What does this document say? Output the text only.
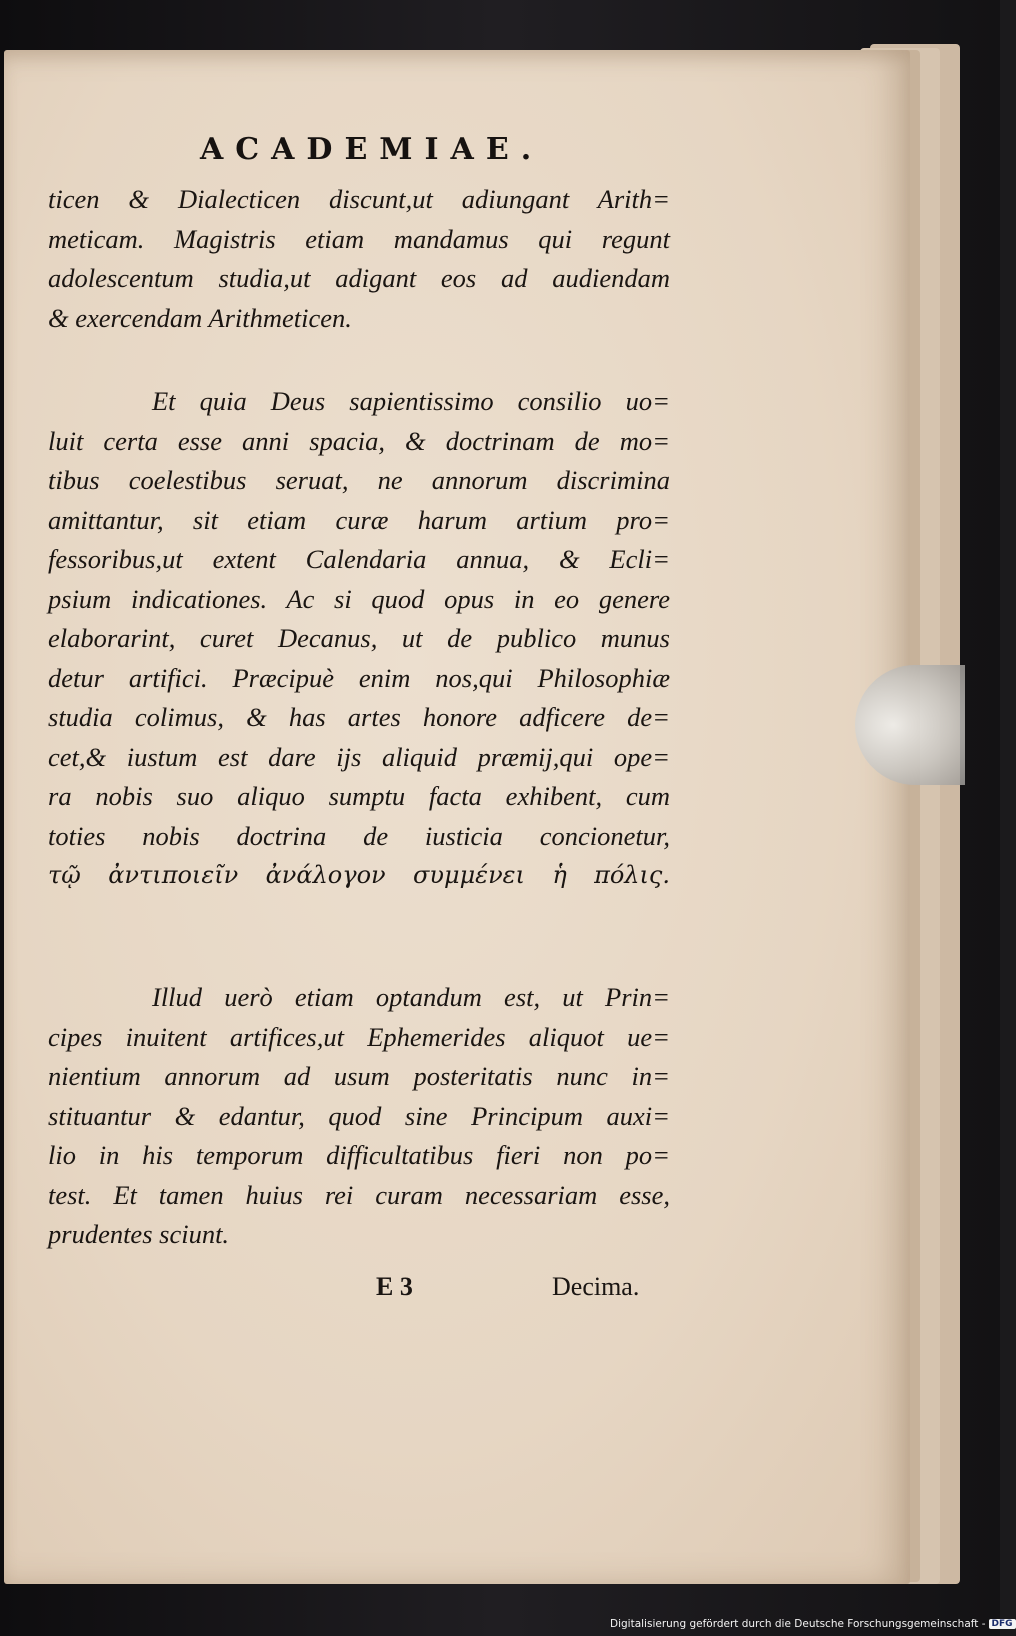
ACADEMIAE.
ticen & Dialecticen discunt,ut adiungant Arith=
meticam. Magistris etiam mandamus qui regunt
adolescentum studia,ut adigant eos ad audiendam
& exercendam Arithmeticen.
Et quia Deus sapientissimo consilio uo=
luit certa esse anni spacia, & doctrinam de mo=
tibus coelestibus seruat, ne annorum discrimina
amittantur, sit etiam curæ harum artium pro=
fessoribus,ut extent Calendaria annua, & Ecli=
psium indicationes. Ac si quod opus in eo genere
elaborarint, curet Decanus, ut de publico munus
detur artifici. Præcipuè enim nos,qui Philosophiæ
studia colimus, & has artes honore adficere de=
cet,& iustum est dare ijs aliquid præmij,qui ope=
ra nobis suo aliquo sumptu facta exhibent, cum
toties nobis doctrina de iusticia concionetur,
τῷ ἀντιποιεῖν ἀνάλογον συμμένει ἡ πόλις.
Illud uerò etiam optandum est, ut Prin=
cipes inuitent artifices,ut Ephemerides aliquot ue=
nientium annorum ad usum posteritatis nunc in=
stituantur & edantur, quod sine Principum auxi=
lio in his temporum difficultatibus fieri non po=
test. Et tamen huius rei curam necessariam esse,
prudentes sciunt.
E 3	Decima.
Digitalisierung gefördert durch die Deutsche Forschungsgemeinschaft - DFG
